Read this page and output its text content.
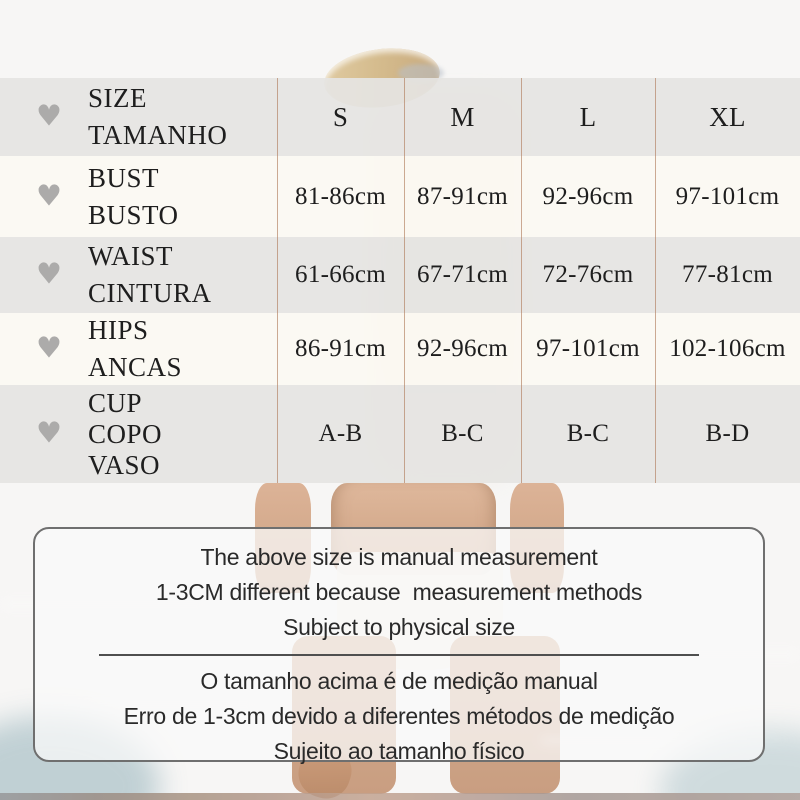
♥
SIZE
TAMANHO
S	M	L	XL
♥
BUST
BUSTO
81-86cm	87-91cm	92-96cm	97-101cm
♥
WAIST
CINTURA
61-66cm	67-71cm	72-76cm	77-81cm
♥
HIPS
ANCAS
86-91cm	92-96cm	97-101cm	102-106cm
♥
CUP
COPO
VASO
A-B	B-C	B-C	B-D

The above size is manual measurement

1-3CM different because  measurement methods

Subject to physical size

O tamanho acima é de medição manual

Erro de 1-3cm devido a diferentes métodos de medição

Sujeito ao tamanho físico
